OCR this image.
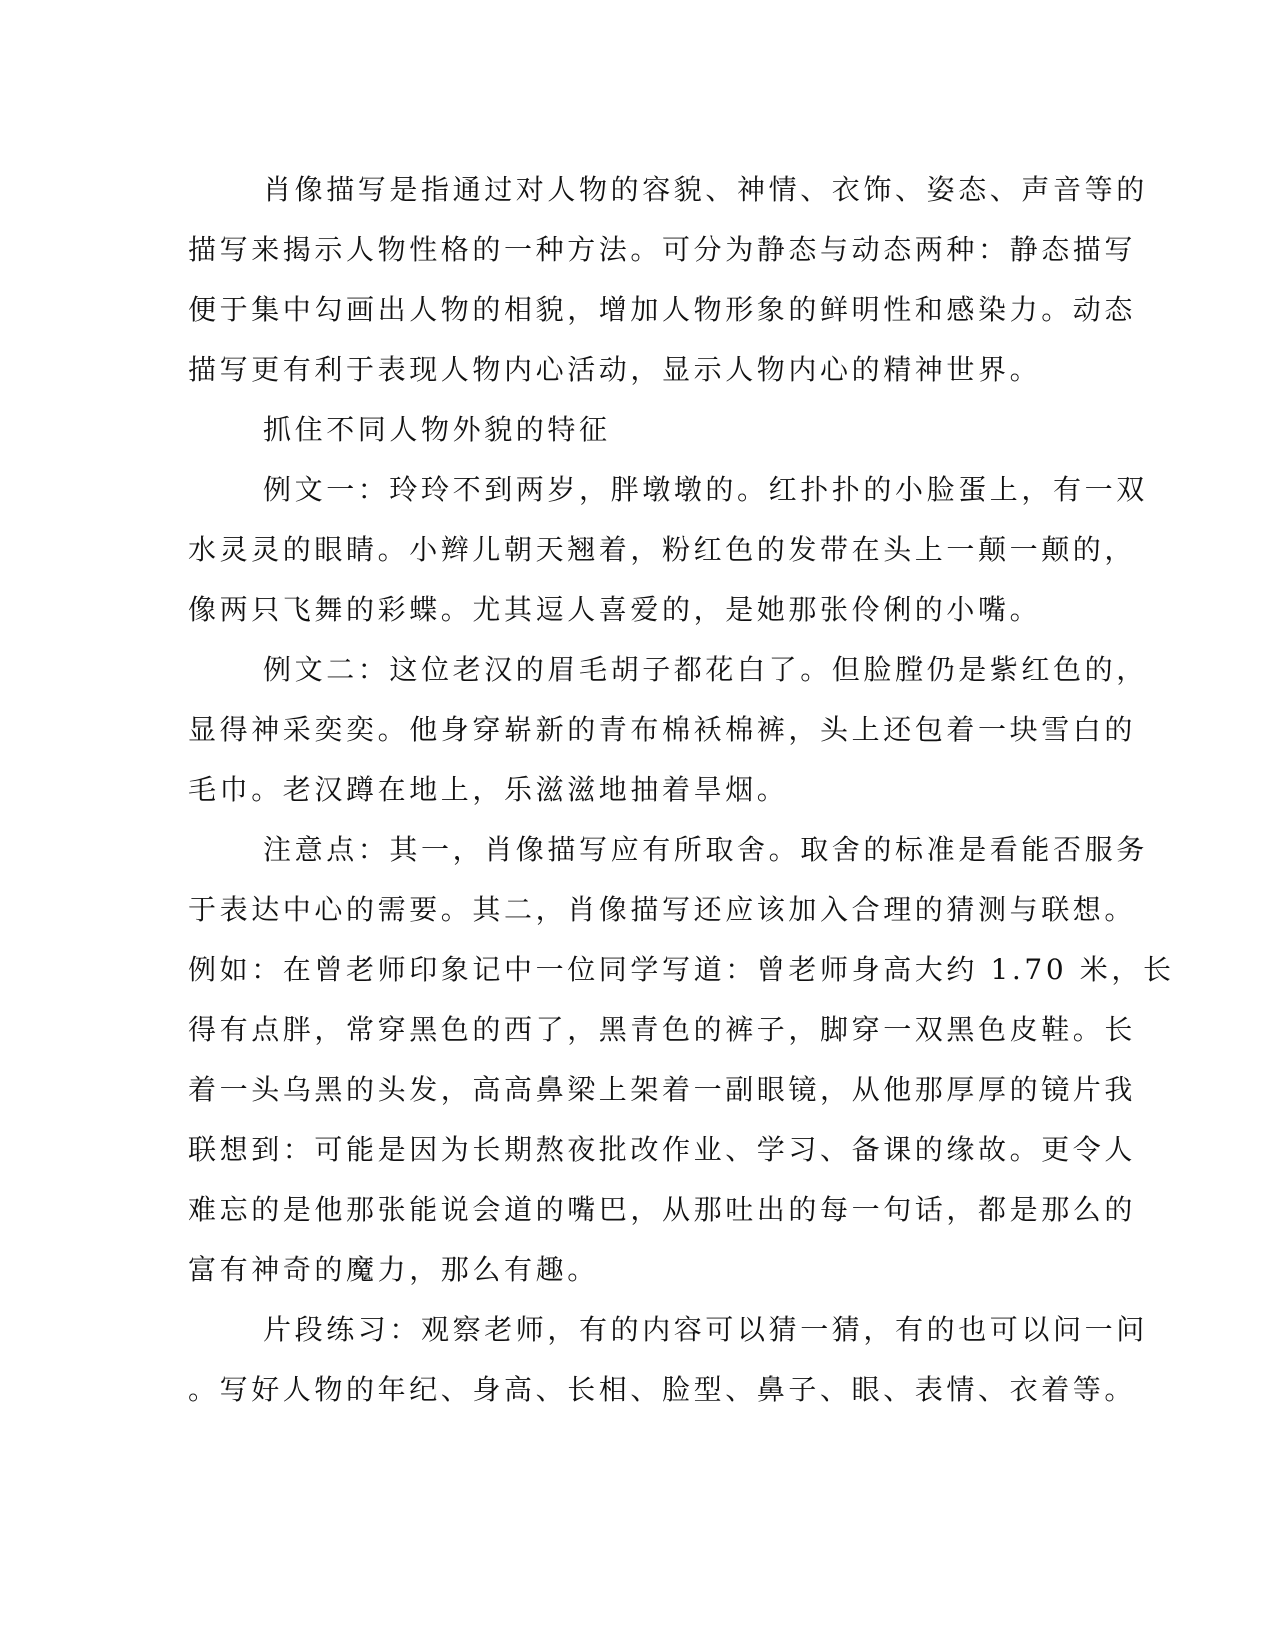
肖像描写是指通过对人物的容貌、神情、衣饰、姿态、声音等的
描写来揭示人物性格的一种方法。可分为静态与动态两种：静态描写
便于集中勾画出人物的相貌，增加人物形象的鲜明性和感染力。动态
描写更有利于表现人物内心活动，显示人物内心的精神世界。
抓住不同人物外貌的特征
例文一：玲玲不到两岁，胖墩墩的。红扑扑的小脸蛋上，有一双
水灵灵的眼睛。小辫儿朝天翘着，粉红色的发带在头上一颠一颠的，
像两只飞舞的彩蝶。尤其逗人喜爱的，是她那张伶俐的小嘴。
例文二：这位老汉的眉毛胡子都花白了。但脸膛仍是紫红色的，
显得神采奕奕。他身穿崭新的青布棉袄棉裤，头上还包着一块雪白的
毛巾。老汉蹲在地上，乐滋滋地抽着旱烟。
注意点：其一，肖像描写应有所取舍。取舍的标准是看能否服务
于表达中心的需要。其二，肖像描写还应该加入合理的猜测与联想。
例如：在曾老师印象记中一位同学写道：曾老师身高大约 1.70 米，长
得有点胖，常穿黑色的西了，黑青色的裤子，脚穿一双黑色皮鞋。长
着一头乌黑的头发，高高鼻梁上架着一副眼镜，从他那厚厚的镜片我
联想到：可能是因为长期熬夜批改作业、学习、备课的缘故。更令人
难忘的是他那张能说会道的嘴巴，从那吐出的每一句话，都是那么的
富有神奇的魔力，那么有趣。
片段练习：观察老师，有的内容可以猜一猜，有的也可以问一问
。写好人物的年纪、身高、长相、脸型、鼻子、眼、表情、衣着等。
